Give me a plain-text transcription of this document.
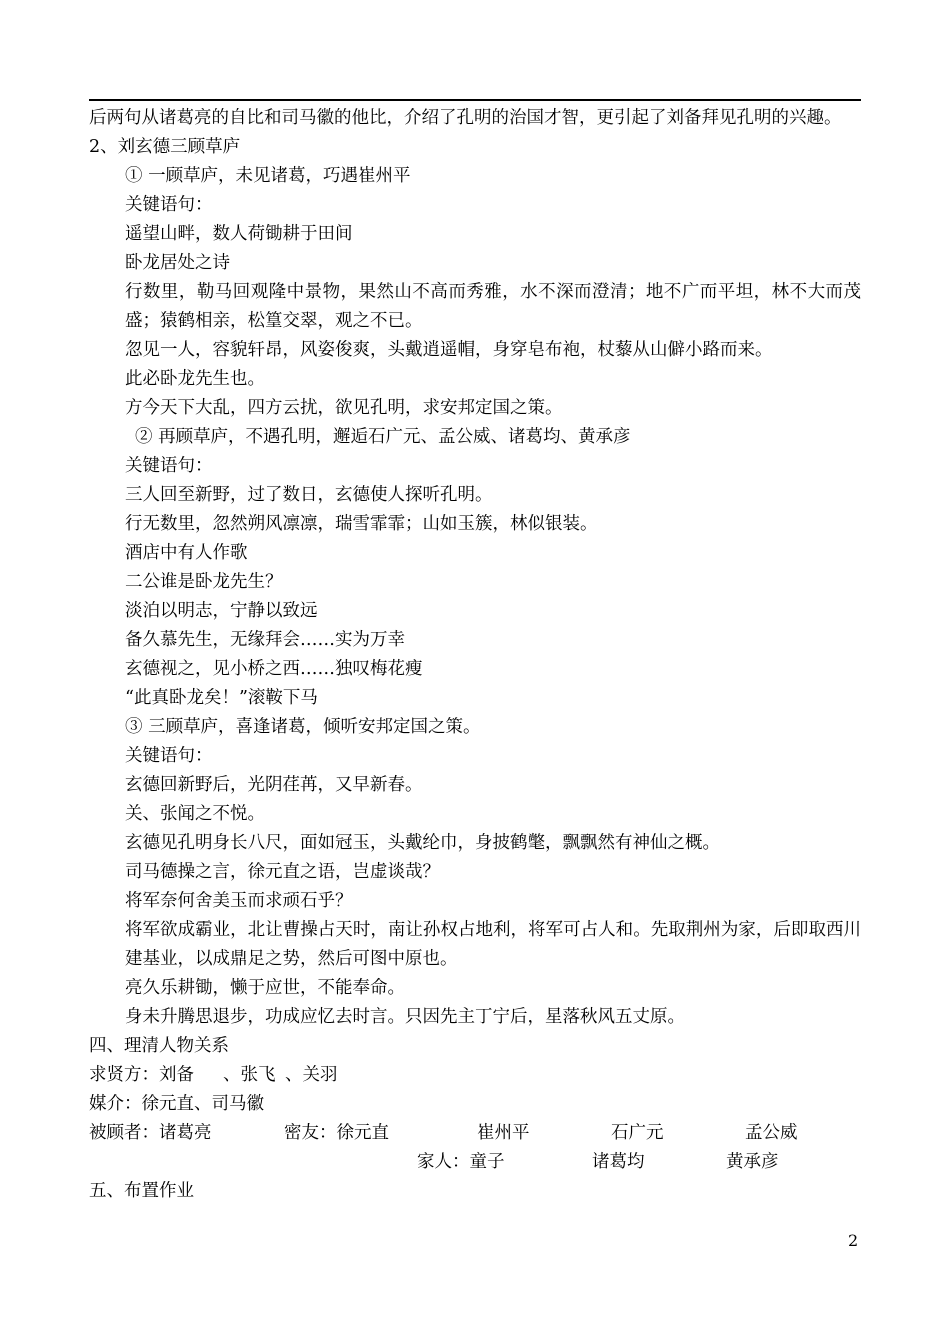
后两句从诸葛亮的自比和司马徽的他比，介绍了孔明的治国才智，更引起了刘备拜见孔明的兴趣。

2、刘玄德三顾草庐

① 一顾草庐，未见诸葛，巧遇崔州平

关键语句：

遥望山畔，数人荷锄耕于田间

卧龙居处之诗

行数里，勒马回观隆中景物，果然山不高而秀雅，水不深而澄清；地不广而平坦，林不大而茂盛；猿鹤相亲，松篁交翠，观之不已。

忽见一人，容貌轩昂，风姿俊爽，头戴逍遥帽，身穿皂布袍，杖藜从山僻小路而来。

此必卧龙先生也。

方今天下大乱，四方云扰，欲见孔明，求安邦定国之策。

② 再顾草庐，不遇孔明，邂逅石广元、孟公威、诸葛均、黄承彦

关键语句：

三人回至新野，过了数日，玄德使人探听孔明。

行无数里，忽然朔风凛凛，瑞雪霏霏；山如玉簇，林似银装。

酒店中有人作歌

二公谁是卧龙先生？

淡泊以明志，宁静以致远

备久慕先生，无缘拜会……实为万幸

玄德视之，见小桥之西……独叹梅花瘦

“此真卧龙矣！”滚鞍下马

③ 三顾草庐，喜逢诸葛，倾听安邦定国之策。

关键语句：

玄德回新野后，光阴荏苒，又早新春。

关、张闻之不悦。

玄德见孔明身长八尺，面如冠玉，头戴纶巾，身披鹤氅，飘飘然有神仙之概。

司马德操之言，徐元直之语，岂虚谈哉？

将军奈何舍美玉而求顽石乎？

将军欲成霸业，北让曹操占天时，南让孙权占地利，将军可占人和。先取荆州为家，后即取西川建基业，以成鼎足之势，然后可图中原也。

亮久乐耕锄，懒于应世，不能奉命。

身未升腾思退步，功成应忆去时言。只因先主丁宁后，星落秋风五丈原。

四、理清人物关系

求贤方：刘备	、张飞 、关羽

媒介：徐元直、司马徽

被顾者：诸葛亮	密友：徐元直	崔州平	石广元	孟公威
家人：童子	诸葛均	黄承彦

五、布置作业

2
